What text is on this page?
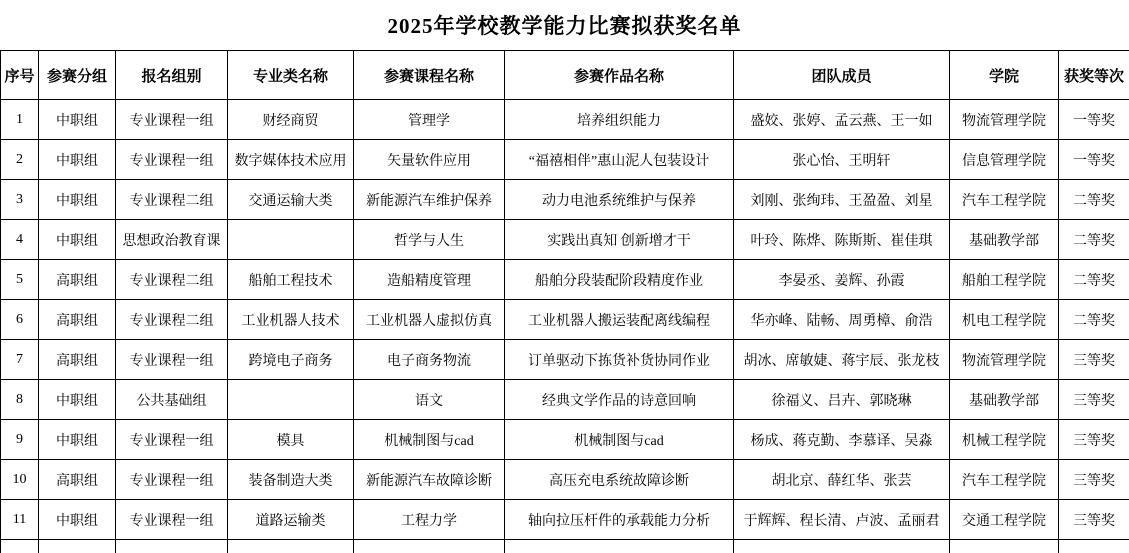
2025年学校教学能力比赛拟获奖名单
序号	参赛分组	报名组别	专业类名称	参赛课程名称	参赛作品名称	团队成员	学院	获奖等次
1	中职组	专业课程一组	财经商贸	管理学	培养组织能力	盛姣、张婷、孟云燕、王一如	物流管理学院	一等奖
2	中职组	专业课程一组	数字媒体技术应用	矢量软件应用	“福禧相伴”惠山泥人包装设计	张心怡、王明轩	信息管理学院	一等奖
3	中职组	专业课程二组	交通运输大类	新能源汽车维护保养	动力电池系统维护与保养	刘刚、张绚玮、王盈盈、刘星	汽车工程学院	二等奖
4	中职组	思想政治教育课		哲学与人生	实践出真知 创新增才干	叶玲、陈烨、陈斯斯、崔佳琪	基础教学部	二等奖
5	高职组	专业课程二组	船舶工程技术	造船精度管理	船舶分段装配阶段精度作业	李晏丞、姜辉、孙霞	船舶工程学院	二等奖
6	高职组	专业课程二组	工业机器人技术	工业机器人虚拟仿真	工业机器人搬运装配离线编程	华亦峰、陆畅、周勇樟、俞浩	机电工程学院	二等奖
7	高职组	专业课程一组	跨境电子商务	电子商务物流	订单驱动下拣货补货协同作业	胡冰、席敏婕、蒋宇辰、张龙枝	物流管理学院	三等奖
8	中职组	公共基础组		语文	经典文学作品的诗意回响	徐福义、吕卉、郭晓琳	基础教学部	三等奖
9	中职组	专业课程一组	模具	机械制图与cad	机械制图与cad	杨成、蒋克勤、李慕译、吴淼	机械工程学院	三等奖
10	高职组	专业课程一组	装备制造大类	新能源汽车故障诊断	高压充电系统故障诊断	胡北京、薛红华、张芸	汽车工程学院	三等奖
11	中职组	专业课程一组	道路运输类	工程力学	轴向拉压杆件的承载能力分析	于辉辉、程长清、卢波、孟丽君	交通工程学院	三等奖
